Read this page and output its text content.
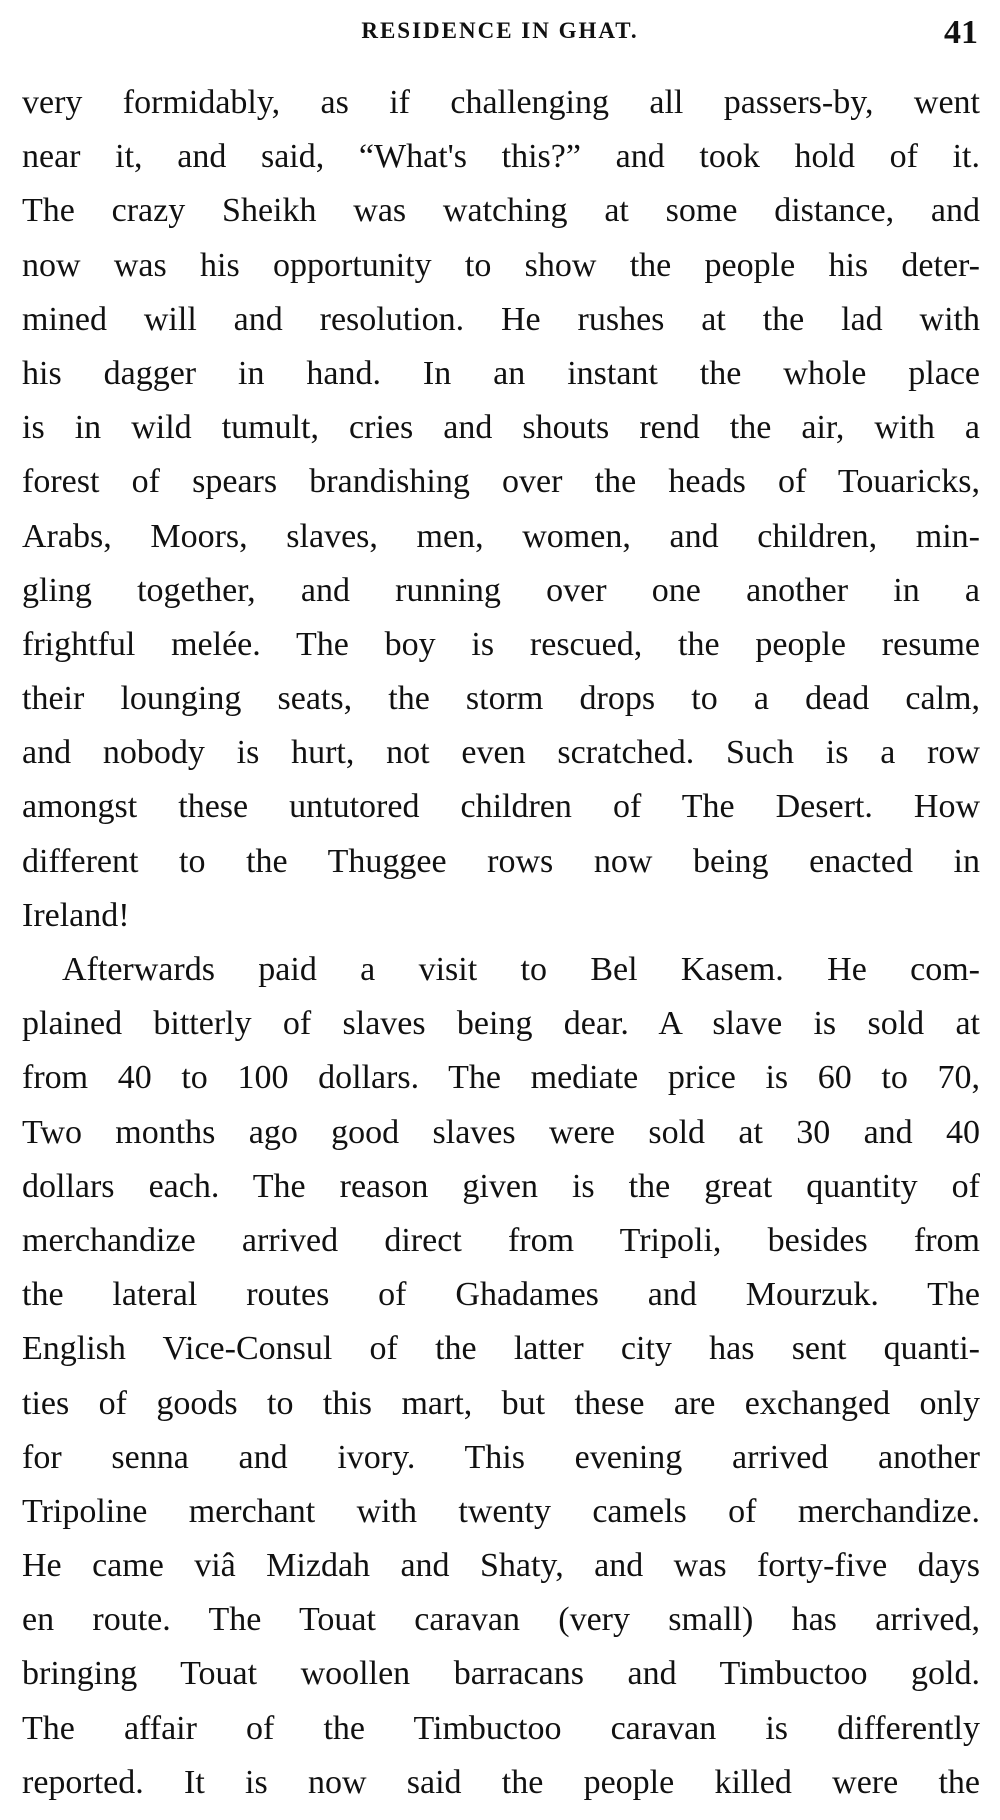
RESIDENCE IN GHAT.	41
very formidably, as if challenging all passers-by, went
near it, and said, “What's this?” and took hold of it.
The crazy Sheikh was watching at some distance, and
now was his opportunity to show the people his deter-
mined will and resolution. He rushes at the lad with
his dagger in hand. In an instant the whole place
is in wild tumult, cries and shouts rend the air, with a
forest of spears brandishing over the heads of Touaricks,
Arabs, Moors, slaves, men, women, and children, min-
gling together, and running over one another in a
frightful melée. The boy is rescued, the people resume
their lounging seats, the storm drops to a dead calm,
and nobody is hurt, not even scratched. Such is a row
amongst these untutored children of The Desert. How
different to the Thuggee rows now being enacted in
Ireland!
Afterwards paid a visit to Bel Kasem. He com-
plained bitterly of slaves being dear. A slave is sold at
from 40 to 100 dollars. The mediate price is 60 to 70,
Two months ago good slaves were sold at 30 and 40
dollars each. The reason given is the great quantity of
merchandize arrived direct from Tripoli, besides from
the lateral routes of Ghadames and Mourzuk. The
English Vice-Consul of the latter city has sent quanti-
ties of goods to this mart, but these are exchanged only
for senna and ivory. This evening arrived another
Tripoline merchant with twenty camels of merchandize.
He came viâ Mizdah and Shaty, and was forty-five days
en route. The Touat caravan (very small) has arrived,
bringing Touat woollen barracans and Timbuctoo gold.
The affair of the Timbuctoo caravan is differently
reported. It is now said the people killed were the
